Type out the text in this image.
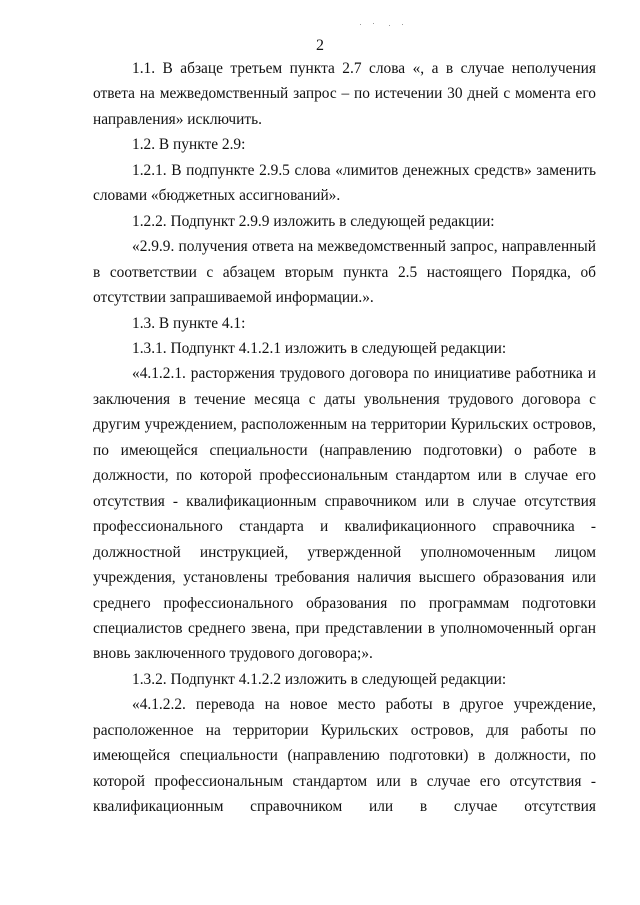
2

1.1. В абзаце третьем пункта 2.7 слова «, а в случае неполучения ответа на межведомственный запрос – по истечении 30 дней с момента его направления» исключить.

1.2. В пункте 2.9:

1.2.1. В подпункте 2.9.5 слова «лимитов денежных средств» заменить словами «бюджетных ассигнований».

1.2.2. Подпункт 2.9.9 изложить в следующей редакции:

«2.9.9. получения ответа на межведомственный запрос, направленный в соответствии с абзацем вторым пункта 2.5 настоящего Порядка, об отсутствии запрашиваемой информации.».

1.3. В пункте 4.1:

1.3.1. Подпункт 4.1.2.1 изложить в следующей редакции:

«4.1.2.1. расторжения трудового договора по инициативе работника и заключения в течение месяца с даты увольнения трудового договора с другим учреждением, расположенным на территории Курильских островов, по имеющейся специальности (направлению подготовки) о работе в должности, по которой профессиональным стандартом или в случае его отсутствия - квалификационным справочником или в случае отсутствия профессионального стандарта и квалификационного справочника - должностной инструкцией, утвержденной уполномоченным лицом учреждения, установлены требования наличия высшего образования или среднего профессионального образования по программам подготовки специалистов среднего звена, при представлении в уполномоченный орган вновь заключенного трудового договора;».

1.3.2. Подпункт 4.1.2.2 изложить в следующей редакции:

«4.1.2.2. перевода на новое место работы в другое учреждение, расположенное на территории Курильских островов, для работы по имеющейся специальности (направлению подготовки) в должности, по которой профессиональным стандартом или в случае его отсутствия - квалификационным справочником или в случае отсутствия
